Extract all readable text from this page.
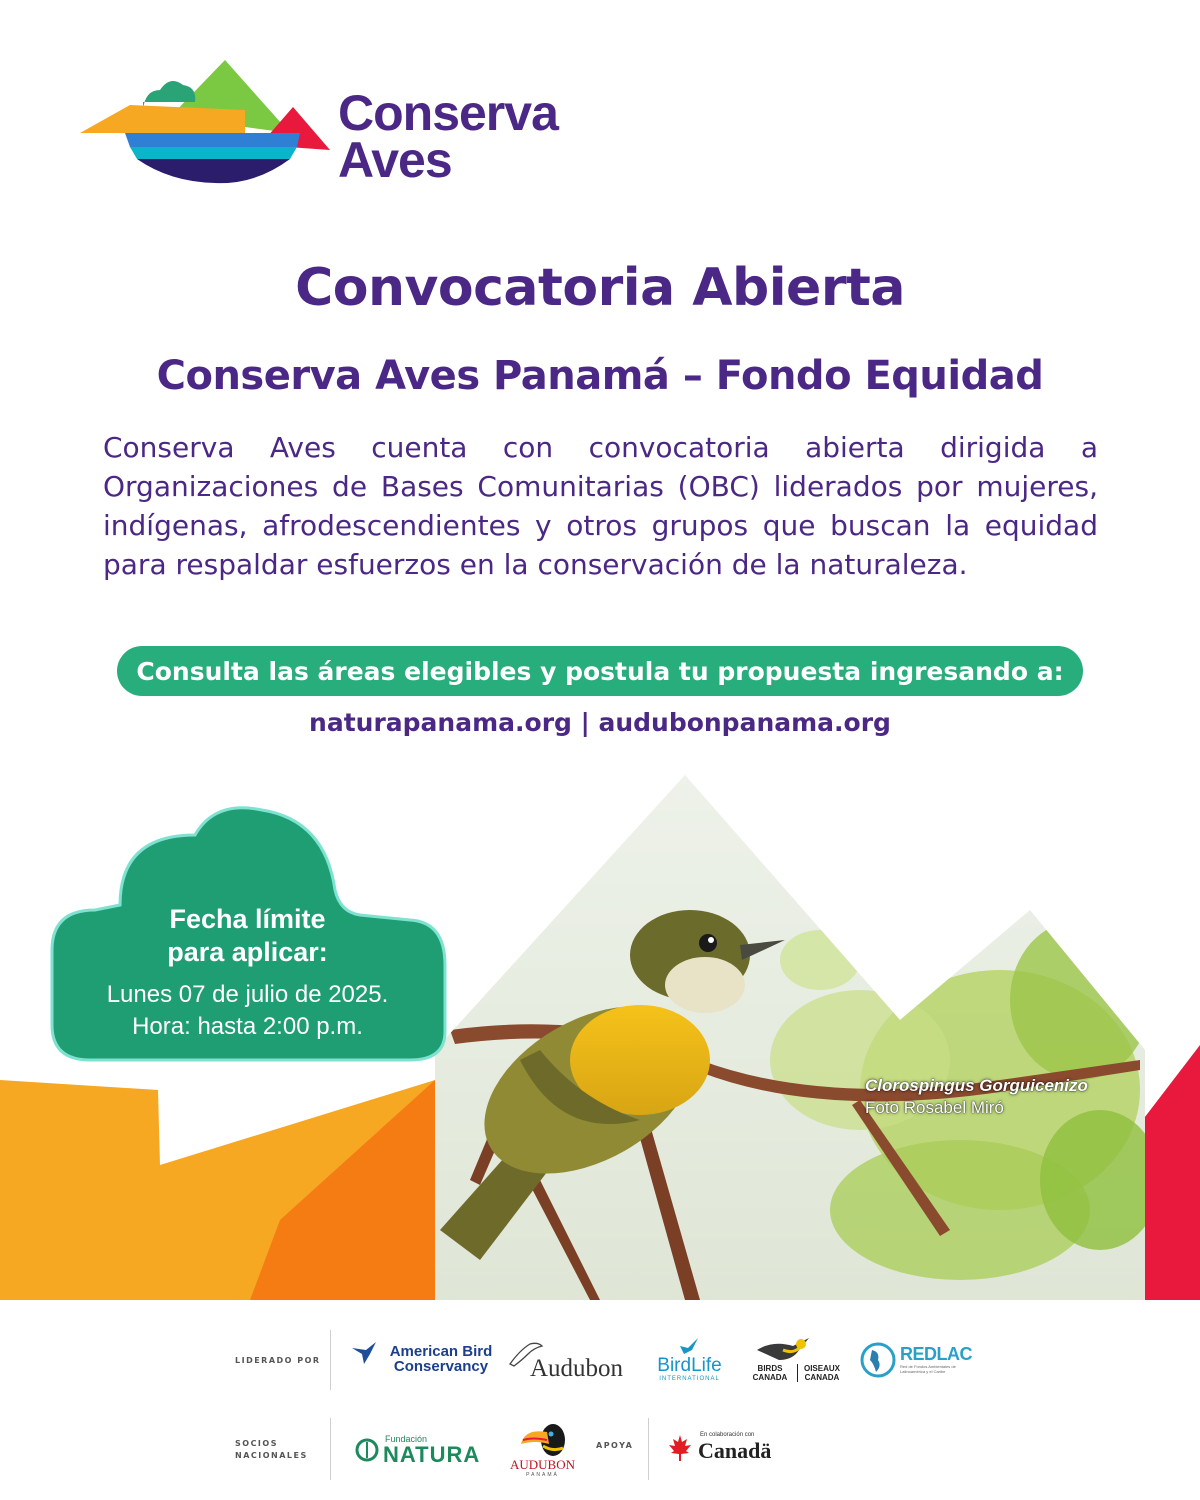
Conserva
Aves
Convocatoria Abierta
Conserva Aves Panamá – Fondo Equidad
Conserva Aves cuenta con convocatoria abierta dirigida a Organizaciones de Bases Comunitarias (OBC) liderados por mujeres, indígenas, afrodescendientes y otros grupos que buscan la equidad para respaldar esfuerzos en la conservación de la naturaleza.
Consulta las áreas elegibles y postula tu propuesta ingresando a:
naturapanama.org | audubonpanama.org
Fecha límite
para aplicar:
Lunes 07 de julio de 2025.
Hora: hasta 2:00 p.m.
Clorospingus Gorguicenizo
Foto Rosabel Miró
LIDERADO POR
American Bird
Conservancy	Audubon BirdLife
INTERNATIONAL
BIRDS
CANADA
OISEAUX
CANADA
REDLAC
Red de Fondos Ambientales de Latinoamérica y el Caribe
SOCIOS
NACIONALES
Fundación
NATURA	AUDUBON
PANAMÁ
APOYA
En colaboración con
Canadä
